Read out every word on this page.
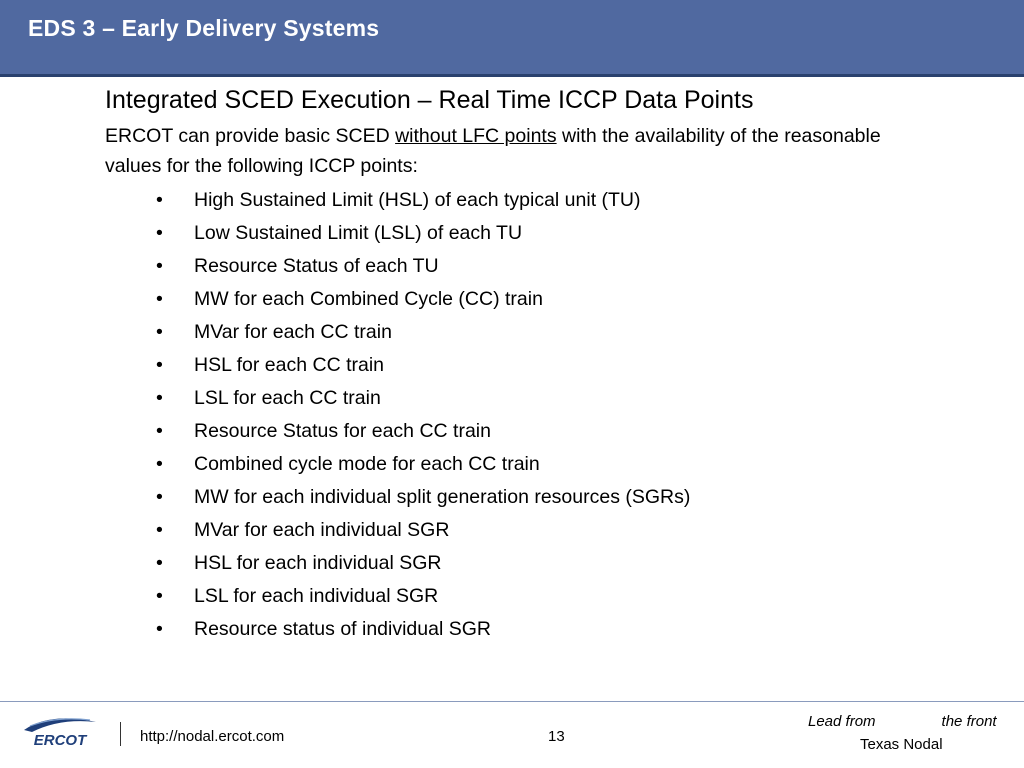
EDS 3 – Early Delivery Systems
Integrated SCED Execution – Real Time ICCP Data Points
ERCOT can provide basic SCED without LFC points with the availability of the reasonable values for the following ICCP points:
• High Sustained Limit (HSL) of each typical unit (TU)
• Low Sustained Limit (LSL) of each TU
• Resource Status of each TU
• MW for each Combined Cycle (CC) train
• MVar for each CC train
• HSL for each CC train
• LSL for each CC train
• Resource Status for each CC train
• Combined cycle mode for each CC train
• MW for each individual split generation resources (SGRs)
• MVar for each individual SGR
• HSL for each individual SGR
• LSL for each individual SGR
• Resource status of individual SGR
ERCOT	http://nodal.ercot.com	13
Lead from	the front
Texas Nodal
